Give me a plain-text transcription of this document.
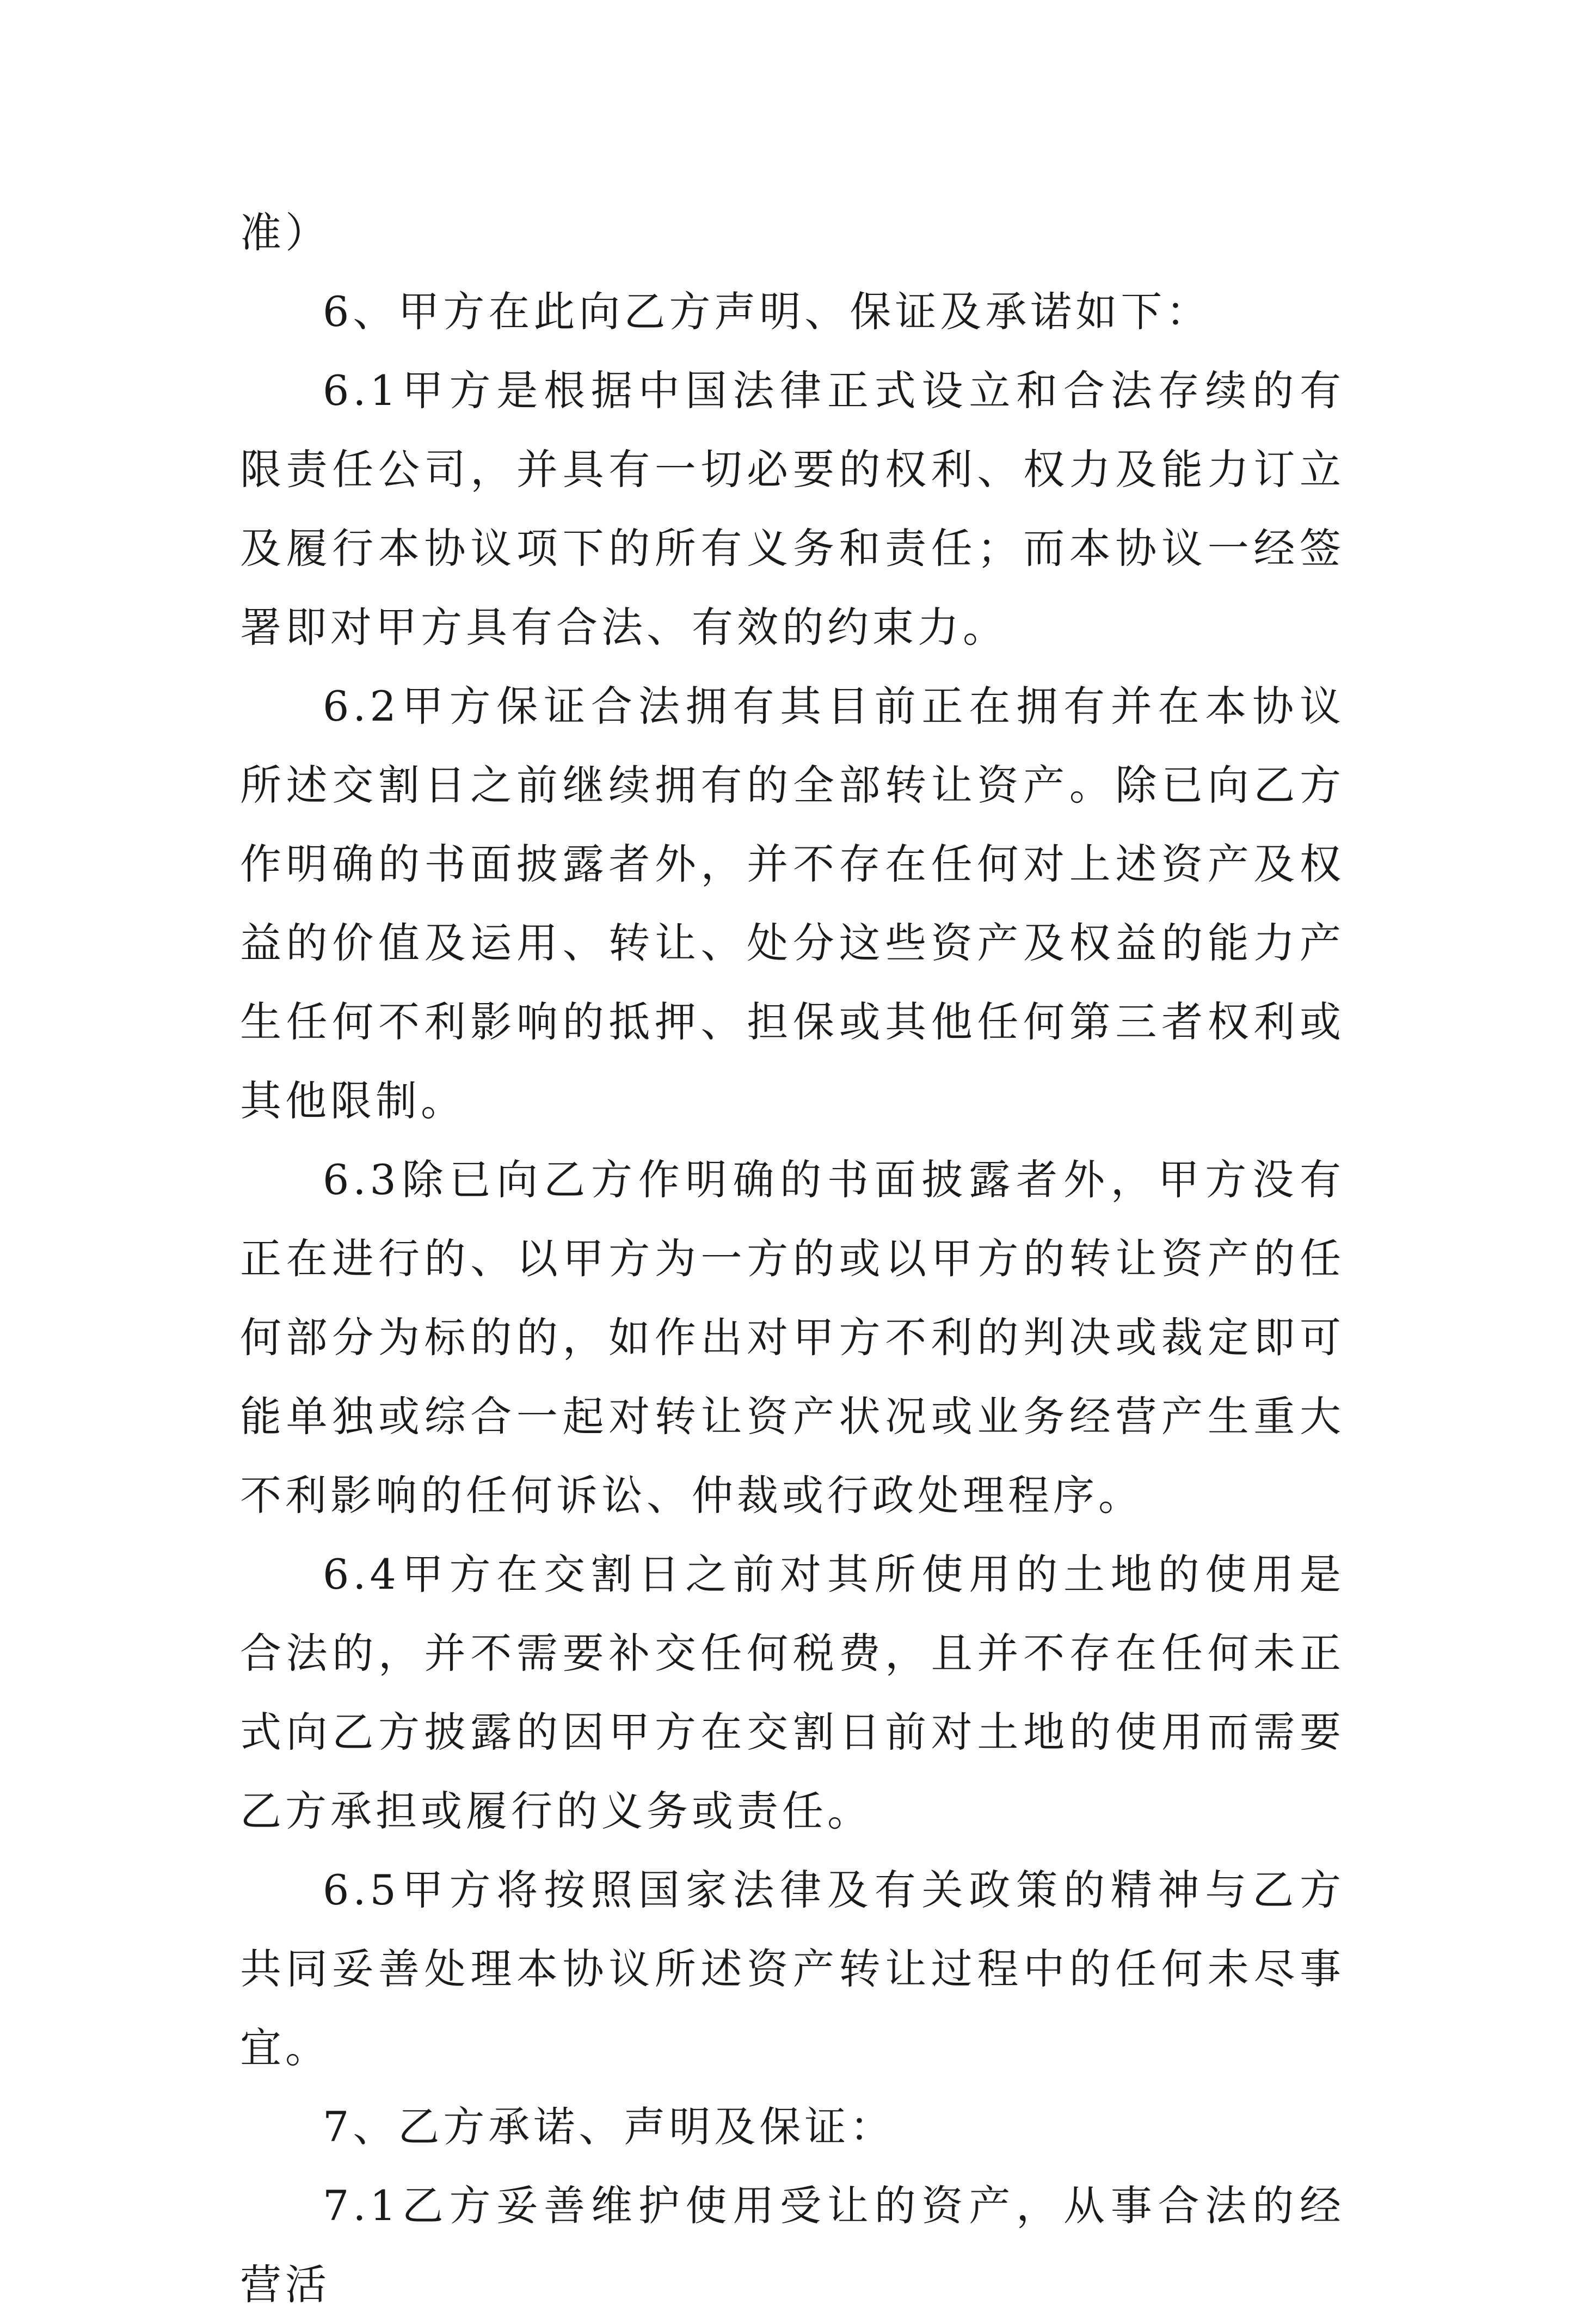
准）

6、甲方在此向乙方声明、保证及承诺如下：

6.1甲方是根据中国法律正式设立和合法存续的有限责任公司，并具有一切必要的权利、权力及能力订立及履行本协议项下的所有义务和责任；而本协议一经签署即对甲方具有合法、有效的约束力。

6.2甲方保证合法拥有其目前正在拥有并在本协议所述交割日之前继续拥有的全部转让资产。除已向乙方作明确的书面披露者外，并不存在任何对上述资产及权益的价值及运用、转让、处分这些资产及权益的能力产生任何不利影响的抵押、担保或其他任何第三者权利或其他限制。

6.3除已向乙方作明确的书面披露者外，甲方没有正在进行的、以甲方为一方的或以甲方的转让资产的任何部分为标的的，如作出对甲方不利的判决或裁定即可能单独或综合一起对转让资产状况或业务经营产生重大不利影响的任何诉讼、仲裁或行政处理程序。

6.4甲方在交割日之前对其所使用的土地的使用是合法的，并不需要补交任何税费，且并不存在任何未正式向乙方披露的因甲方在交割日前对土地的使用而需要乙方承担或履行的义务或责任。

6.5甲方将按照国家法律及有关政策的精神与乙方共同妥善处理本协议所述资产转让过程中的任何未尽事宜。

7、乙方承诺、声明及保证：

7.1乙方妥善维护使用受让的资产，从事合法的经营活
